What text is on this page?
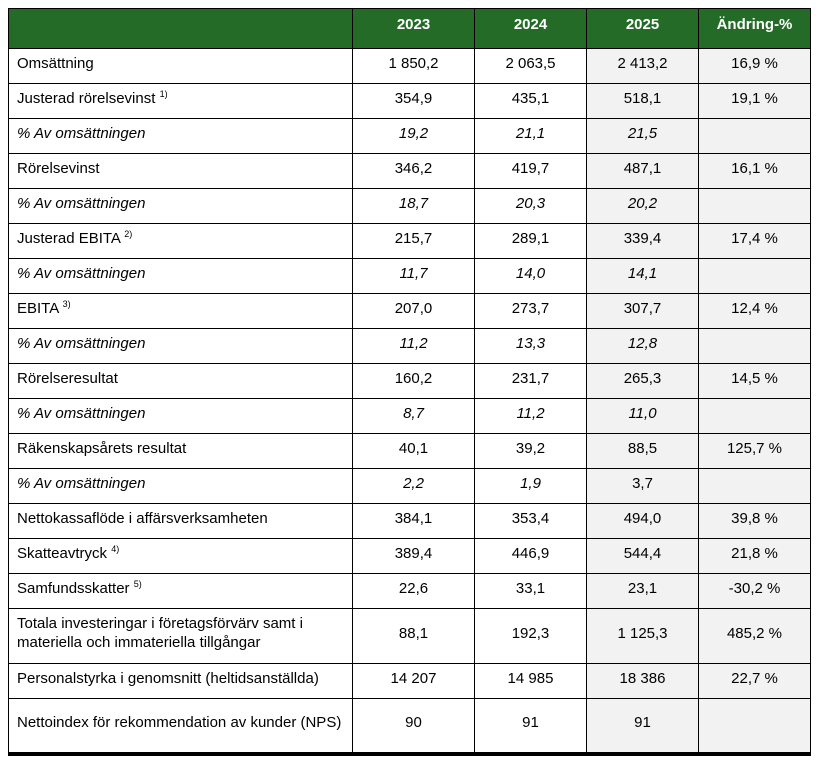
	2023	2024	2025	Ändring-%
Omsättning	1 850,2	2 063,5	2 413,2	16,9 %
Justerad rörelsevinst $^{1)}$	354,9	435,1	518,1	19,1 %
% Av omsättningen	19,2	21,1	21,5	
Rörelsevinst	346,2	419,7	487,1	16,1 %
% Av omsättningen	18,7	20,3	20,2	
Justerad EBITA $^{2)}$	215,7	289,1	339,4	17,4 %
% Av omsättningen	11,7	14,0	14,1	
EBITA $^{3)}$	207,0	273,7	307,7	12,4 %
% Av omsättningen	11,2	13,3	12,8	
Rörelseresultat	160,2	231,7	265,3	14,5 %
% Av omsättningen	8,7	11,2	11,0	
Räkenskapsårets resultat	40,1	39,2	88,5	125,7 %
% Av omsättningen	2,2	1,9	3,7	
Nettokassaflöde i affärsverksamheten	384,1	353,4	494,0	39,8 %
Skatteavtryck $^{4)}$	389,4	446,9	544,4	21,8 %
Samfundsskatter $^{5)}$	22,6	33,1	23,1	-30,2 %
Totala investeringar i företagsförvärv samt i materiella och immateriella tillgångar	88,1	192,3	1 125,3	485,2 %
Personalstyrka i genomsnitt (heltidsanställda)	14 207	14 985	18 386	22,7 %
Nettoindex för rekommendation av kunder (NPS)	90	91	91	
